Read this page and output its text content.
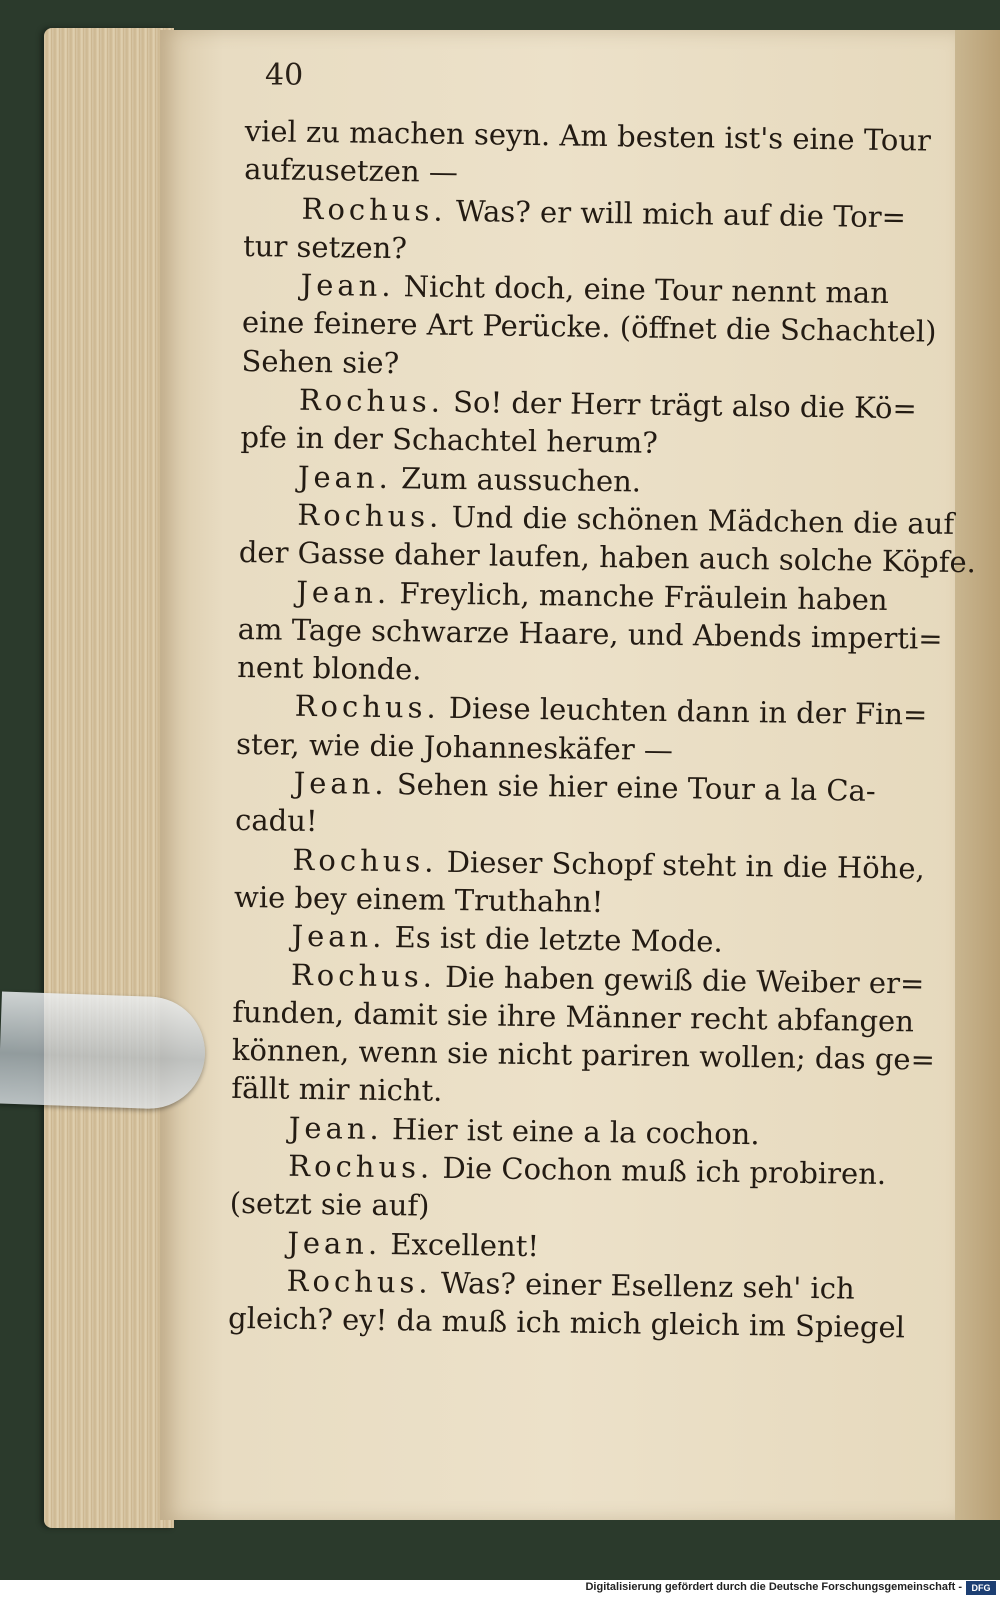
40
viel zu machen seyn. Am besten ist's eine Tour
aufzusetzen —
Rochus. Was? er will mich auf die Tor=
tur setzen?
Jean. Nicht doch, eine Tour nennt man
eine feinere Art Perücke. (öffnet die Schachtel)
Sehen sie?
Rochus. So! der Herr trägt also die Kö=
pfe in der Schachtel herum?
Jean. Zum aussuchen.
Rochus. Und die schönen Mädchen die auf
der Gasse daher laufen, haben auch solche Köpfe.
Jean. Freylich, manche Fräulein haben
am Tage schwarze Haare, und Abends imperti=
nent blonde.
Rochus. Diese leuchten dann in der Fin=
ster, wie die Johanneskäfer —
Jean. Sehen sie hier eine Tour a la Ca-
cadu!
Rochus. Dieser Schopf steht in die Höhe,
wie bey einem Truthahn!
Jean. Es ist die letzte Mode.
Rochus. Die haben gewiß die Weiber er=
funden, damit sie ihre Männer recht abfangen
können, wenn sie nicht pariren wollen; das ge=
fällt mir nicht.
Jean. Hier ist eine a la cochon.
Rochus. Die Cochon muß ich probiren.
(setzt sie auf)
Jean. Excellent!
Rochus. Was? einer Esellenz seh' ich
gleich? ey! da muß ich mich gleich im Spiegel
Digitalisierung gefördert durch die Deutsche Forschungsgemeinschaft -	DFG
